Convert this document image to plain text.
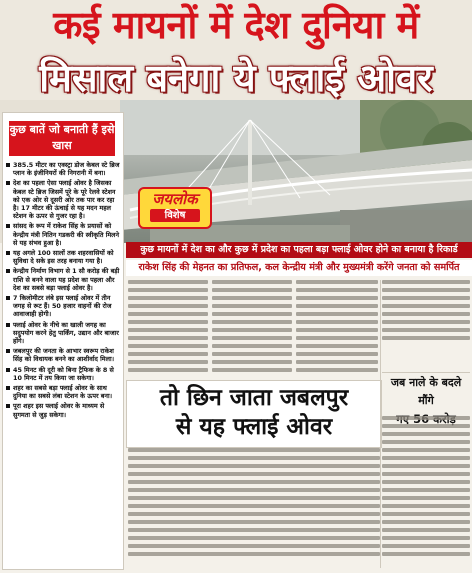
कई मायनों में देश दुनिया में
मिसाल बनेगा ये फ्लाई ओवर
जयलोक
विशेष
कुछ बातें जो बनाती हैं इसे खास
385.5 मीटर का एक्स्ट्रा डोज केबल स्टे ब्रिज प्लान के इंजीनियरों की निगरानी में बना।
देश का पहला ऐसा फ्लाई ओवर है जिसका केबल स्टे ब्रिज जिसमें पूरे के पूरे रेलवे स्टेशन को एक ओर से दूसरी ओर तक पार कर रहा है। 17 मीटर की ऊंचाई से यह मदन महल स्टेशन के ऊपर से गुजर रहा है।
सांसद के रूप में राकेश सिंह के प्रयासों को केन्द्रीय मंत्री नितिन गडकरी की स्वीकृति मिलने से यह संभव हुआ है।
यह अगले 100 सालों तक शहरवासियों को सुविधा दे सके इस तरह बनाया गया है।
केन्द्रीय निर्माण विभाग से 1 सौ करोड़ की बड़ी राशि से बनने वाला यह प्रदेश का पहला और देश का सबसे बड़ा फ्लाई ओवर है।
7 किलोमीटर लंबे इस फ्लाई ओवर में तीन जगह से रूट हैं। 50 हजार वाहनों की रोज आवाजाही होगी।
फ्लाई ओवर के नीचे का खाली जगह का सदुपयोग करने हेतु पार्किंग, उद्यान और बाजार होंगे।
जबलपुर की जनता के आभार स्वरूप राकेश सिंह को विधायक बनने का आशीर्वाद मिला।
45 मिनट की दूरी को बिना ट्रैफिक के 8 से 10 मिनट में तय किया जा सकेगा।
शहर का सबसे बड़ा फ्लाई ओवर के साथ दुनिया का सबसे लंबा स्टेशन के ऊपर बना।
पूरा शहर इस फ्लाई ओवर के माध्यम से सुगमता से जुड़ सकेगा।
कुछ मायनों में देश का और कुछ में प्रदेश का पहला बड़ा फ्लाई ओवर होने का बनाया है रिकार्ड
राकेश सिंह की मेहनत का प्रतिफल, कल केन्द्रीय मंत्री और मुख्यमंत्री करेंगे जनता को समर्पित
तो छिन जाता जबलपुर
से यह फ्लाई ओवर
जब नाले के बदले मौंगे
